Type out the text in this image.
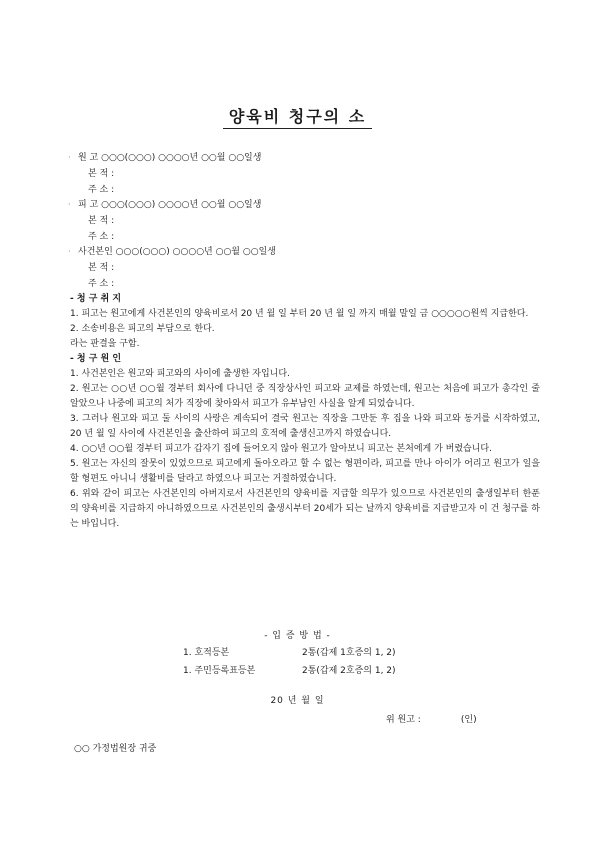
양육비 청구의 소
· 원 고 ○○○(○○○) ○○○○년 ○○월 ○○일생
본 적 :
주 소 :
· 피 고 ○○○(○○○) ○○○○년 ○○월 ○○일생
본 적 :
주 소 :
· 사건본인 ○○○(○○○) ○○○○년 ○○월 ○○일생
본 적 :
주 소 :
- 청 구 취 지
1. 피고는 원고에게 사건본인의 양육비로서 20 년 월 일 부터 20 년 월 일 까지 매월 말일 금 ○○○○○원씩 지급한다.
2. 소송비용은 피고의 부담으로 한다.
라는 판결을 구함.
- 청 구 원 인
1. 사건본인은 원고와 피고와의 사이에 출생한 자입니다.
2. 원고는 ○○년 ○○월 경부터 회사에 다니던 중 직장상사인 피고와 교제를 하였는데, 원고는 처음에 피고가 총각인 줄 알았으나 나중에 피고의 처가 직장에 찾아와서 피고가 유부남인 사실을 알게 되었습니다.
3. 그러나 원고와 피고 둘 사이의 사랑은 계속되어 결국 원고는 직장을 그만둔 후 집을 나와 피고와 동거를 시작하였고, 20 년 월 일 사이에 사건본인을 출산하여 피고의 호적에 출생신고까지 하였습니다.
4. ○○년 ○○월 경부터 피고가 갑자기 집에 들어오지 않아 원고가 알아보니 피고는 본처에게 가 버렸습니다.
5. 원고는 자신의 잘못이 있었으므로 피고에게 돌아오라고 할 수 없는 형편이라, 피고를 만나 아이가 어리고 원고가 일을 할 형편도 아니니 생활비를 달라고 하였으나 피고는 거절하였습니다.
6. 위와 같이 피고는 사건본인의 아버지로서 사건본인의 양육비를 지급할 의무가 있으므로 사건본인의 출생일부터 한푼의 양육비를 지급하지 아니하였으므로 사건본인의 출생시부터 20세가 되는 날까지 양육비를 지급받고자 이 건 청구를 하는 바입니다.
- 입 증 방 법 -
1. 호적등본	2통(갑제 1호증의 1, 2)
1. 주민등록표등본	2통(갑제 2호증의 1, 2)
20 년 월 일
위 원고 :              (인)
○○ 가정법원장 귀중
